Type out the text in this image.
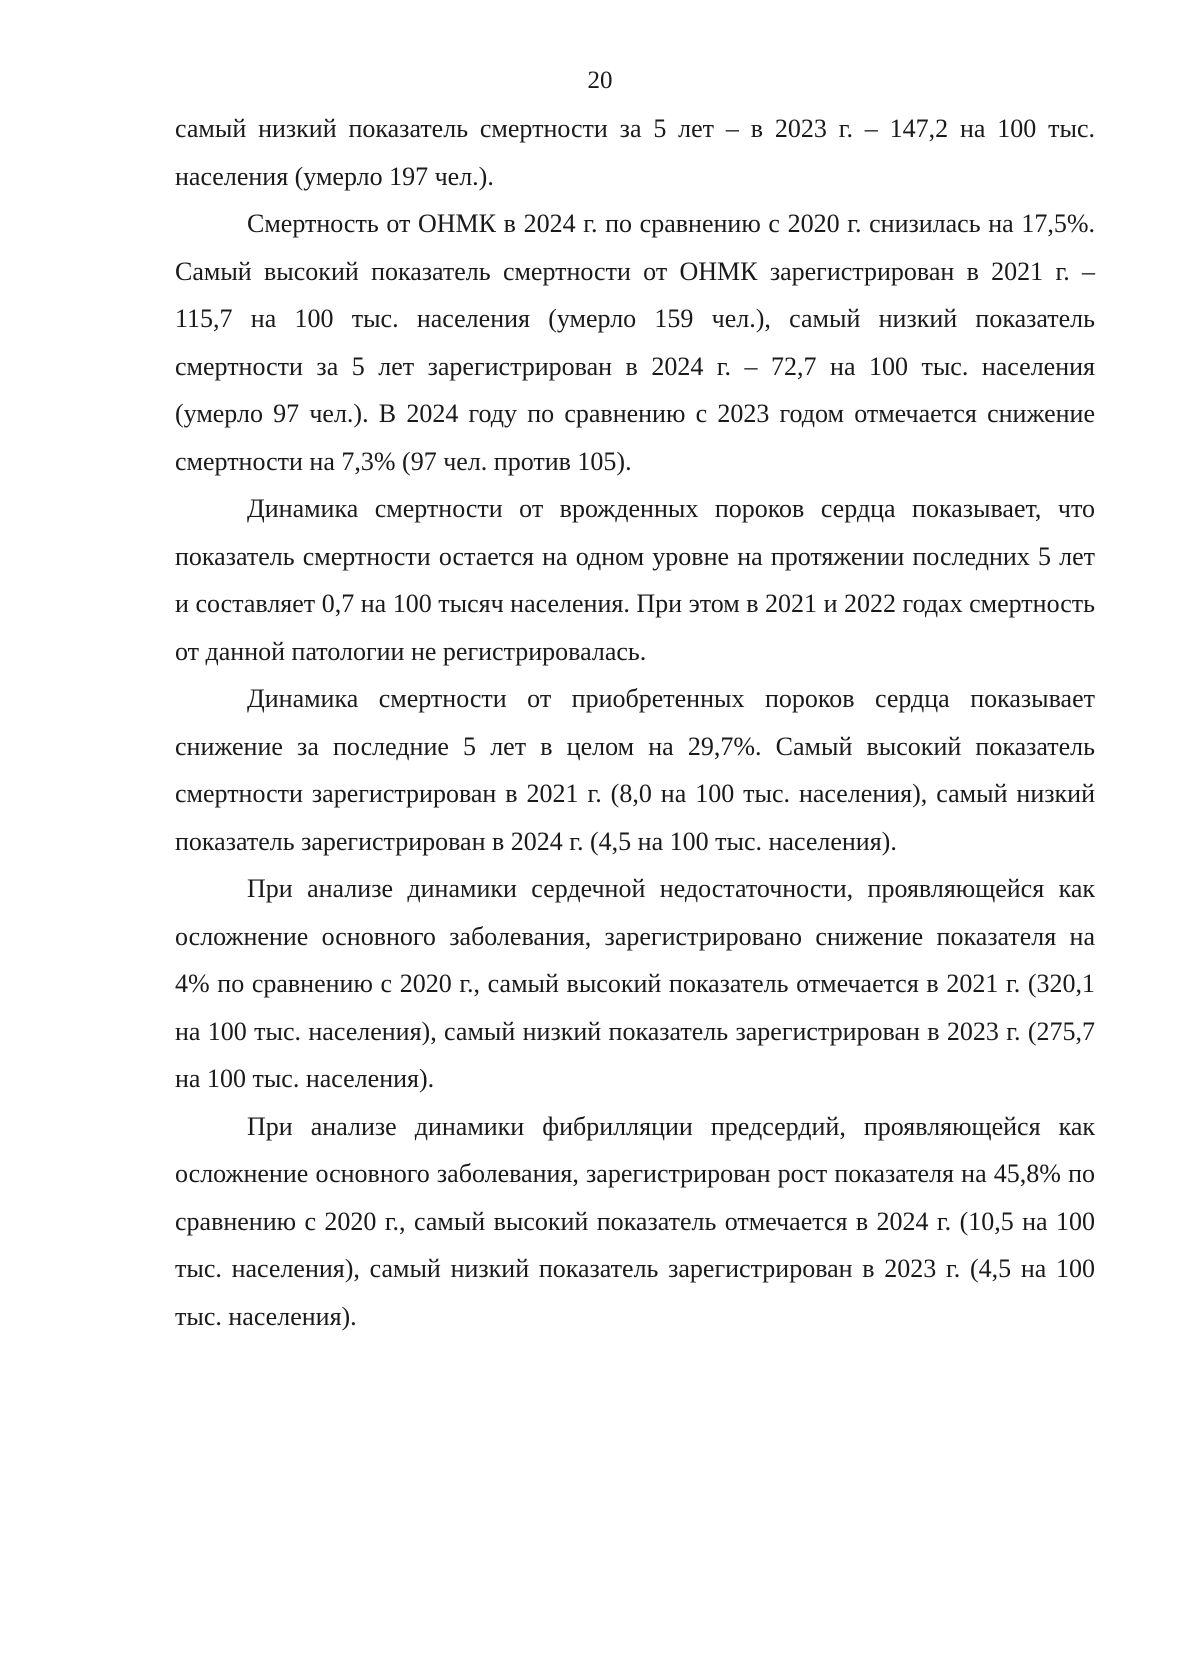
20

самый низкий показатель смертности за 5 лет – в 2023 г. – 147,2 на 100 тыс. населения (умерло 197 чел.).

Смертность от ОНМК в 2024 г. по сравнению с 2020 г. снизилась на 17,5%. Самый высокий показатель смертности от ОНМК зарегистрирован в 2021 г. – 115,7 на 100 тыс. населения (умерло 159 чел.), самый низкий показатель смертности за 5 лет зарегистрирован в 2024 г. – 72,7 на 100 тыс. населения (умерло 97 чел.). В 2024 году по сравнению с 2023 годом отмечается снижение смертности на 7,3% (97 чел. против 105).

Динамика смертности от врожденных пороков сердца показывает, что показатель смертности остается на одном уровне на протяжении последних 5 лет и составляет 0,7 на 100 тысяч населения. При этом в 2021 и 2022 годах смертность от данной патологии не регистрировалась.

Динамика смертности от приобретенных пороков сердца показывает снижение за последние 5 лет в целом на 29,7%. Самый высокий показатель смертности зарегистрирован в 2021 г. (8,0 на 100 тыс. населения), самый низкий показатель зарегистрирован в 2024 г. (4,5 на 100 тыс. населения).

При анализе динамики сердечной недостаточности, проявляющейся как осложнение основного заболевания, зарегистрировано снижение показателя на 4% по сравнению с 2020 г., самый высокий показатель отмечается в 2021 г. (320,1 на 100 тыс. населения), самый низкий показатель зарегистрирован в 2023 г. (275,7 на 100 тыс. населения).

При анализе динамики фибрилляции предсердий, проявляющейся как осложнение основного заболевания, зарегистрирован рост показателя на 45,8% по сравнению с 2020 г., самый высокий показатель отмечается в 2024 г. (10,5 на 100 тыс. населения), самый низкий показатель зарегистрирован в 2023 г. (4,5 на 100 тыс. населения).
